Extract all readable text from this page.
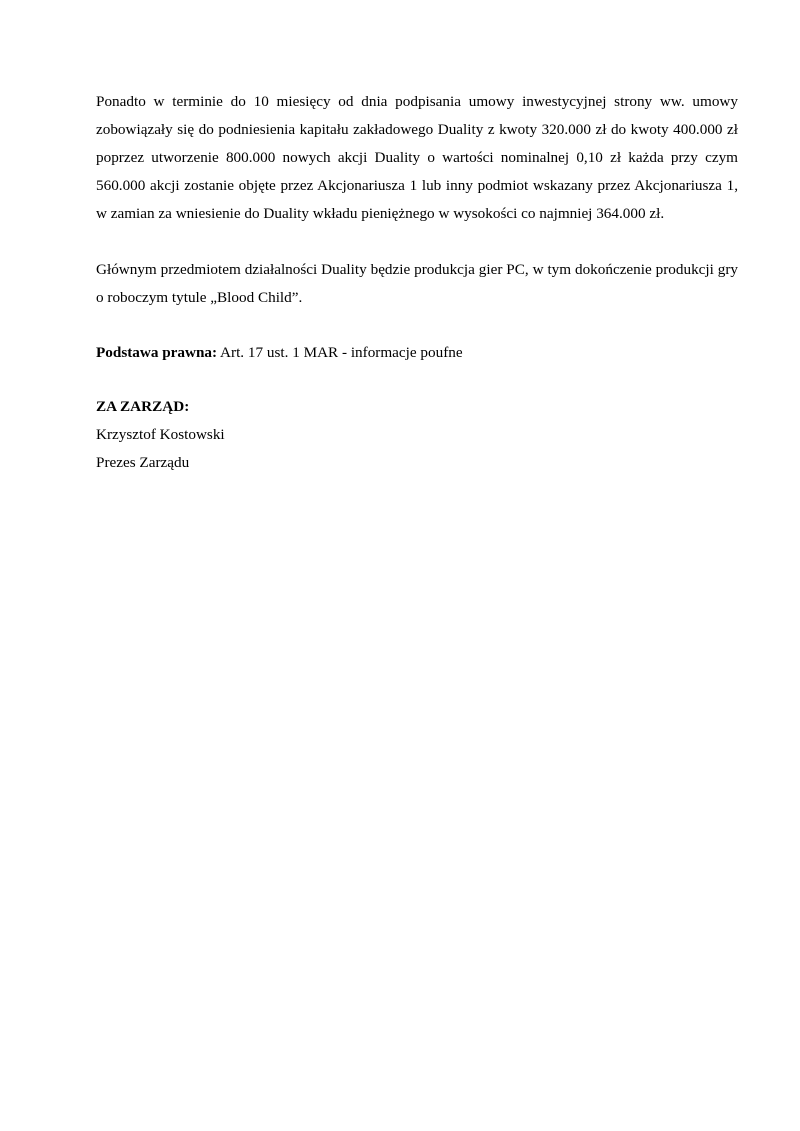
Ponadto w terminie do 10 miesięcy od dnia podpisania umowy inwestycyjnej strony ww. umowy zobowiązały się do podniesienia kapitału zakładowego Duality z kwoty 320.000 zł do kwoty 400.000 zł poprzez utworzenie 800.000 nowych akcji Duality o wartości nominalnej 0,10 zł każda przy czym 560.000 akcji zostanie objęte przez Akcjonariusza 1 lub inny podmiot wskazany przez Akcjonariusza 1, w zamian za wniesienie do Duality wkładu pieniężnego w wysokości co najmniej 364.000 zł.

Głównym przedmiotem działalności Duality będzie produkcja gier PC, w tym dokończenie produkcji gry o roboczym tytule „Blood Child”.

Podstawa prawna: Art. 17 ust. 1 MAR - informacje poufne

ZA ZARZĄD:

Krzysztof Kostowski

Prezes Zarządu
